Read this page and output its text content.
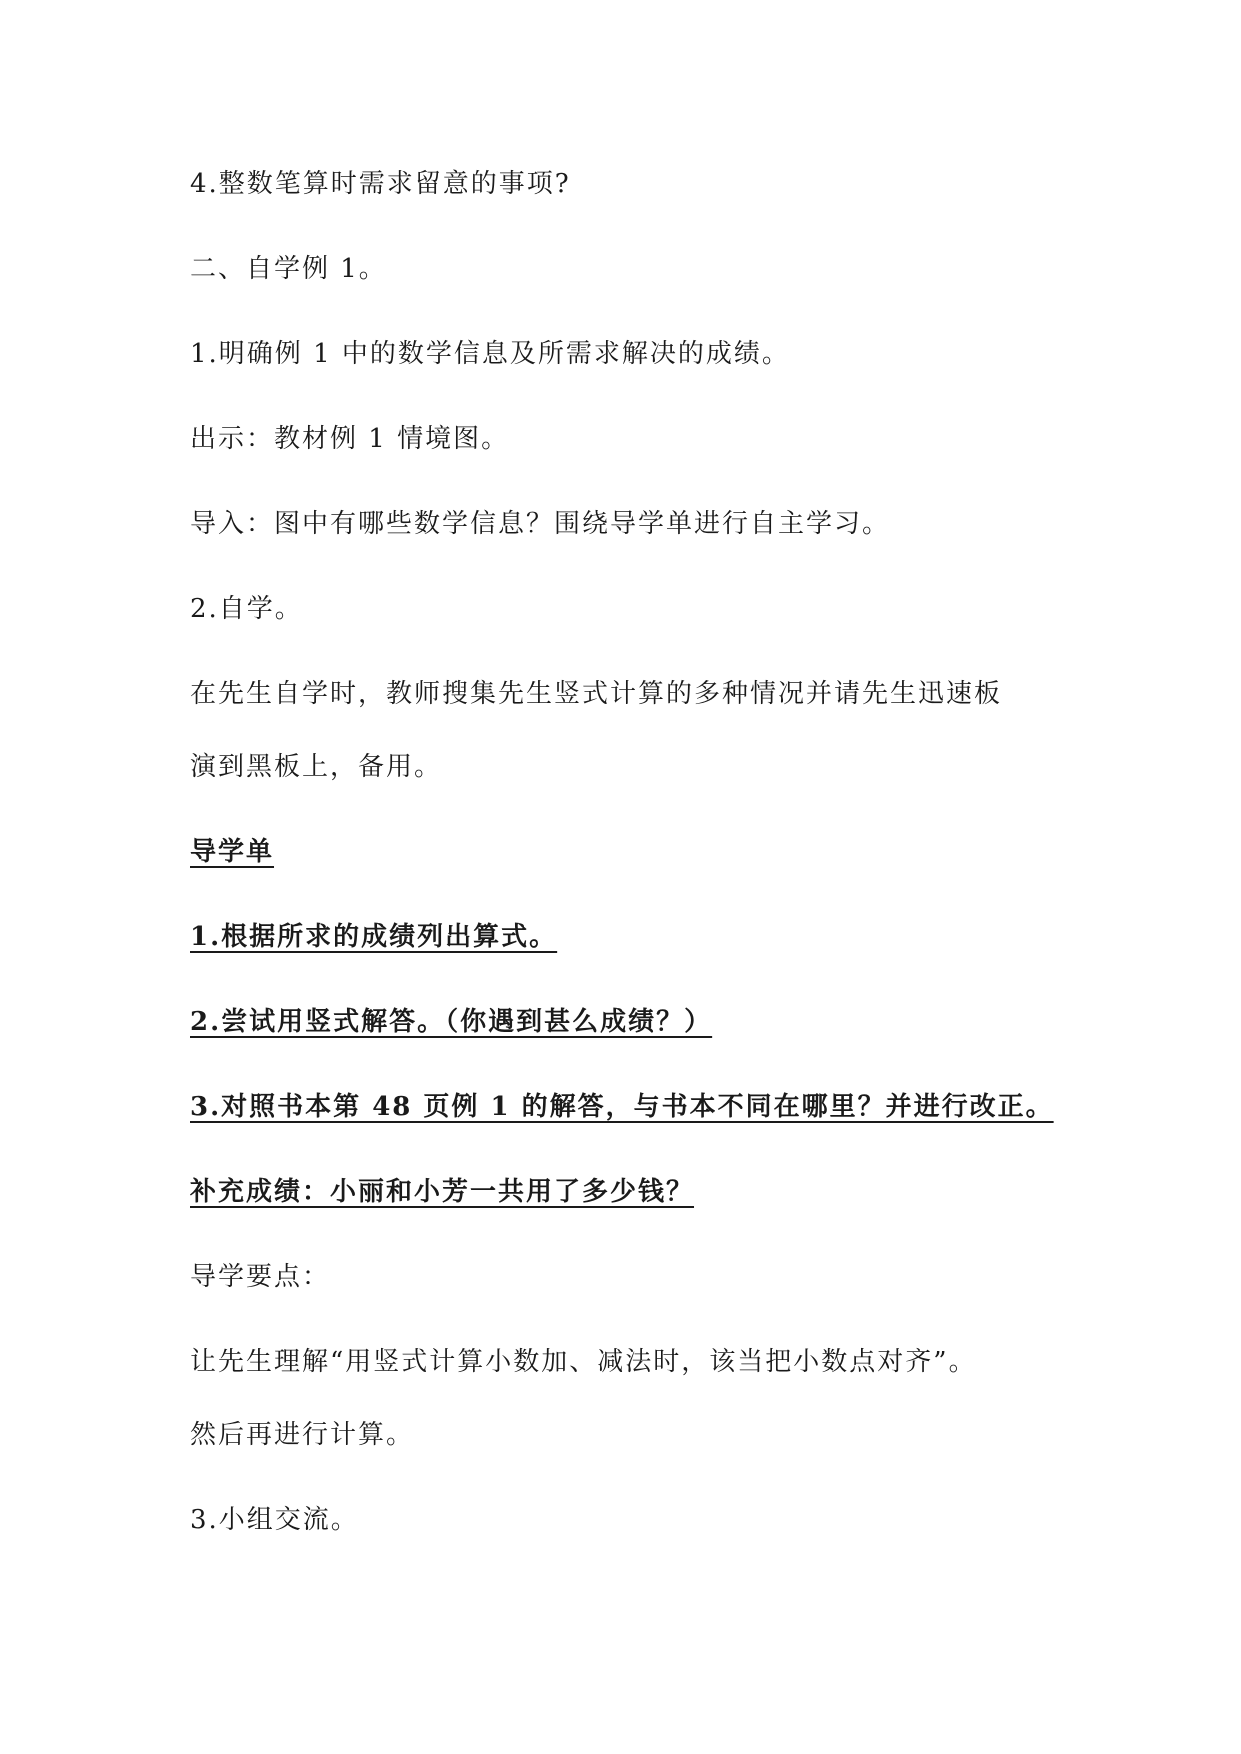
4.整数笔算时需求留意的事项?
二、自学例 1。
1.明确例 1 中的数学信息及所需求解决的成绩。
出示：教材例 1 情境图。
导入：图中有哪些数学信息？围绕导学单进行自主学习。
2.自学。
在先生自学时，教师搜集先生竖式计算的多种情况并请先生迅速板
演到黑板上，备用。
导学单
1.根据所求的成绩列出算式。
2.尝试用竖式解答。（你遇到甚么成绩？）
3.对照书本第 48 页例 1 的解答，与书本不同在哪里？并进行改正。
补充成绩：小丽和小芳一共用了多少钱？
导学要点：
让先生理解“用竖式计算小数加、减法时，该当把小数点对齐”。
然后再进行计算。
3.小组交流。
